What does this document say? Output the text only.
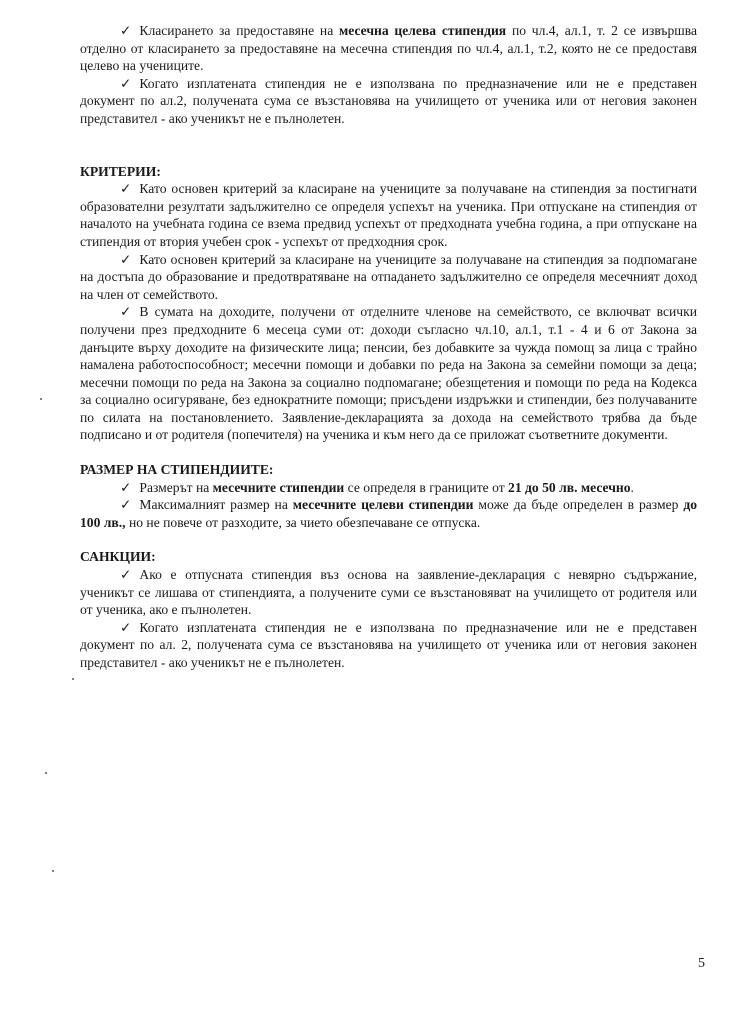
✓ Класирането за предоставяне на месечна целева стипендия по чл.4, ал.1, т. 2 се извършва отделно от класирането за предоставяне на месечна стипендия по чл.4, ал.1, т.2, която не се предоставя целево на учениците.

✓ Когато изплатената стипендия не е използвана по предназначение или не е представен документ по ал.2, получената сума се възстановява на училището от ученика или от неговия законен представител - ако ученикът не е пълнолетен.

КРИТЕРИИ:

✓ Като основен критерий за класиране на учениците за получаване на стипендия за постигнати образователни резултати задължително се определя успехът на ученика. При отпускане на стипендия от началото на учебната година се взема предвид успехът от предходната учебна година, а при отпускане на стипендия от втория учебен срок - успехът от предходния срок.

✓ Като основен критерий за класиране на учениците за получаване на стипендия за подпомагане на достъпа до образование и предотвратяване на отпадането задължително се определя месечният доход на член от семейството.

✓ В сумата на доходите, получени от отделните членове на семейството, се включват всички получени през предходните 6 месеца суми от: доходи съгласно чл.10, ал.1, т.1 - 4 и 6 от Закона за данъците върху доходите на физическите лица; пенсии, без добавките за чужда помощ за лица с трайно намалена работоспособност; месечни помощи и добавки по реда на Закона за семейни помощи за деца; месечни помощи по реда на Закона за социално подпомагане; обезщетения и помощи по реда на Кодекса за социално осигуряване, без еднократните помощи; присъдени издръжки и стипендии, без получаваните по силата на постановлението. Заявление-декларацията за дохода на семейството трябва да бъде подписано и от родителя (попечителя) на ученика и към него да се приложат съответните документи.

РАЗМЕР НА СТИПЕНДИИТЕ:

✓ Размерът на месечните стипендии се определя в границите от 21 до 50 лв. месечно.

✓ Максималният размер на месечните целеви стипендии може да бъде определен в размер до 100 лв., но не повече от разходите, за чието обезпечаване се отпуска.

САНКЦИИ:

✓ Ако е отпусната стипендия въз основа на заявление-декларация с невярно съдържание, ученикът се лишава от стипендията, а получените суми се възстановяват на училището от родителя или от ученика, ако е пълнолетен.

✓ Когато изплатената стипендия не е използвана по предназначение или не е представен документ по ал. 2, получената сума се възстановява на училището от ученика или от неговия законен представител - ако ученикът не е пълнолетен.

5
